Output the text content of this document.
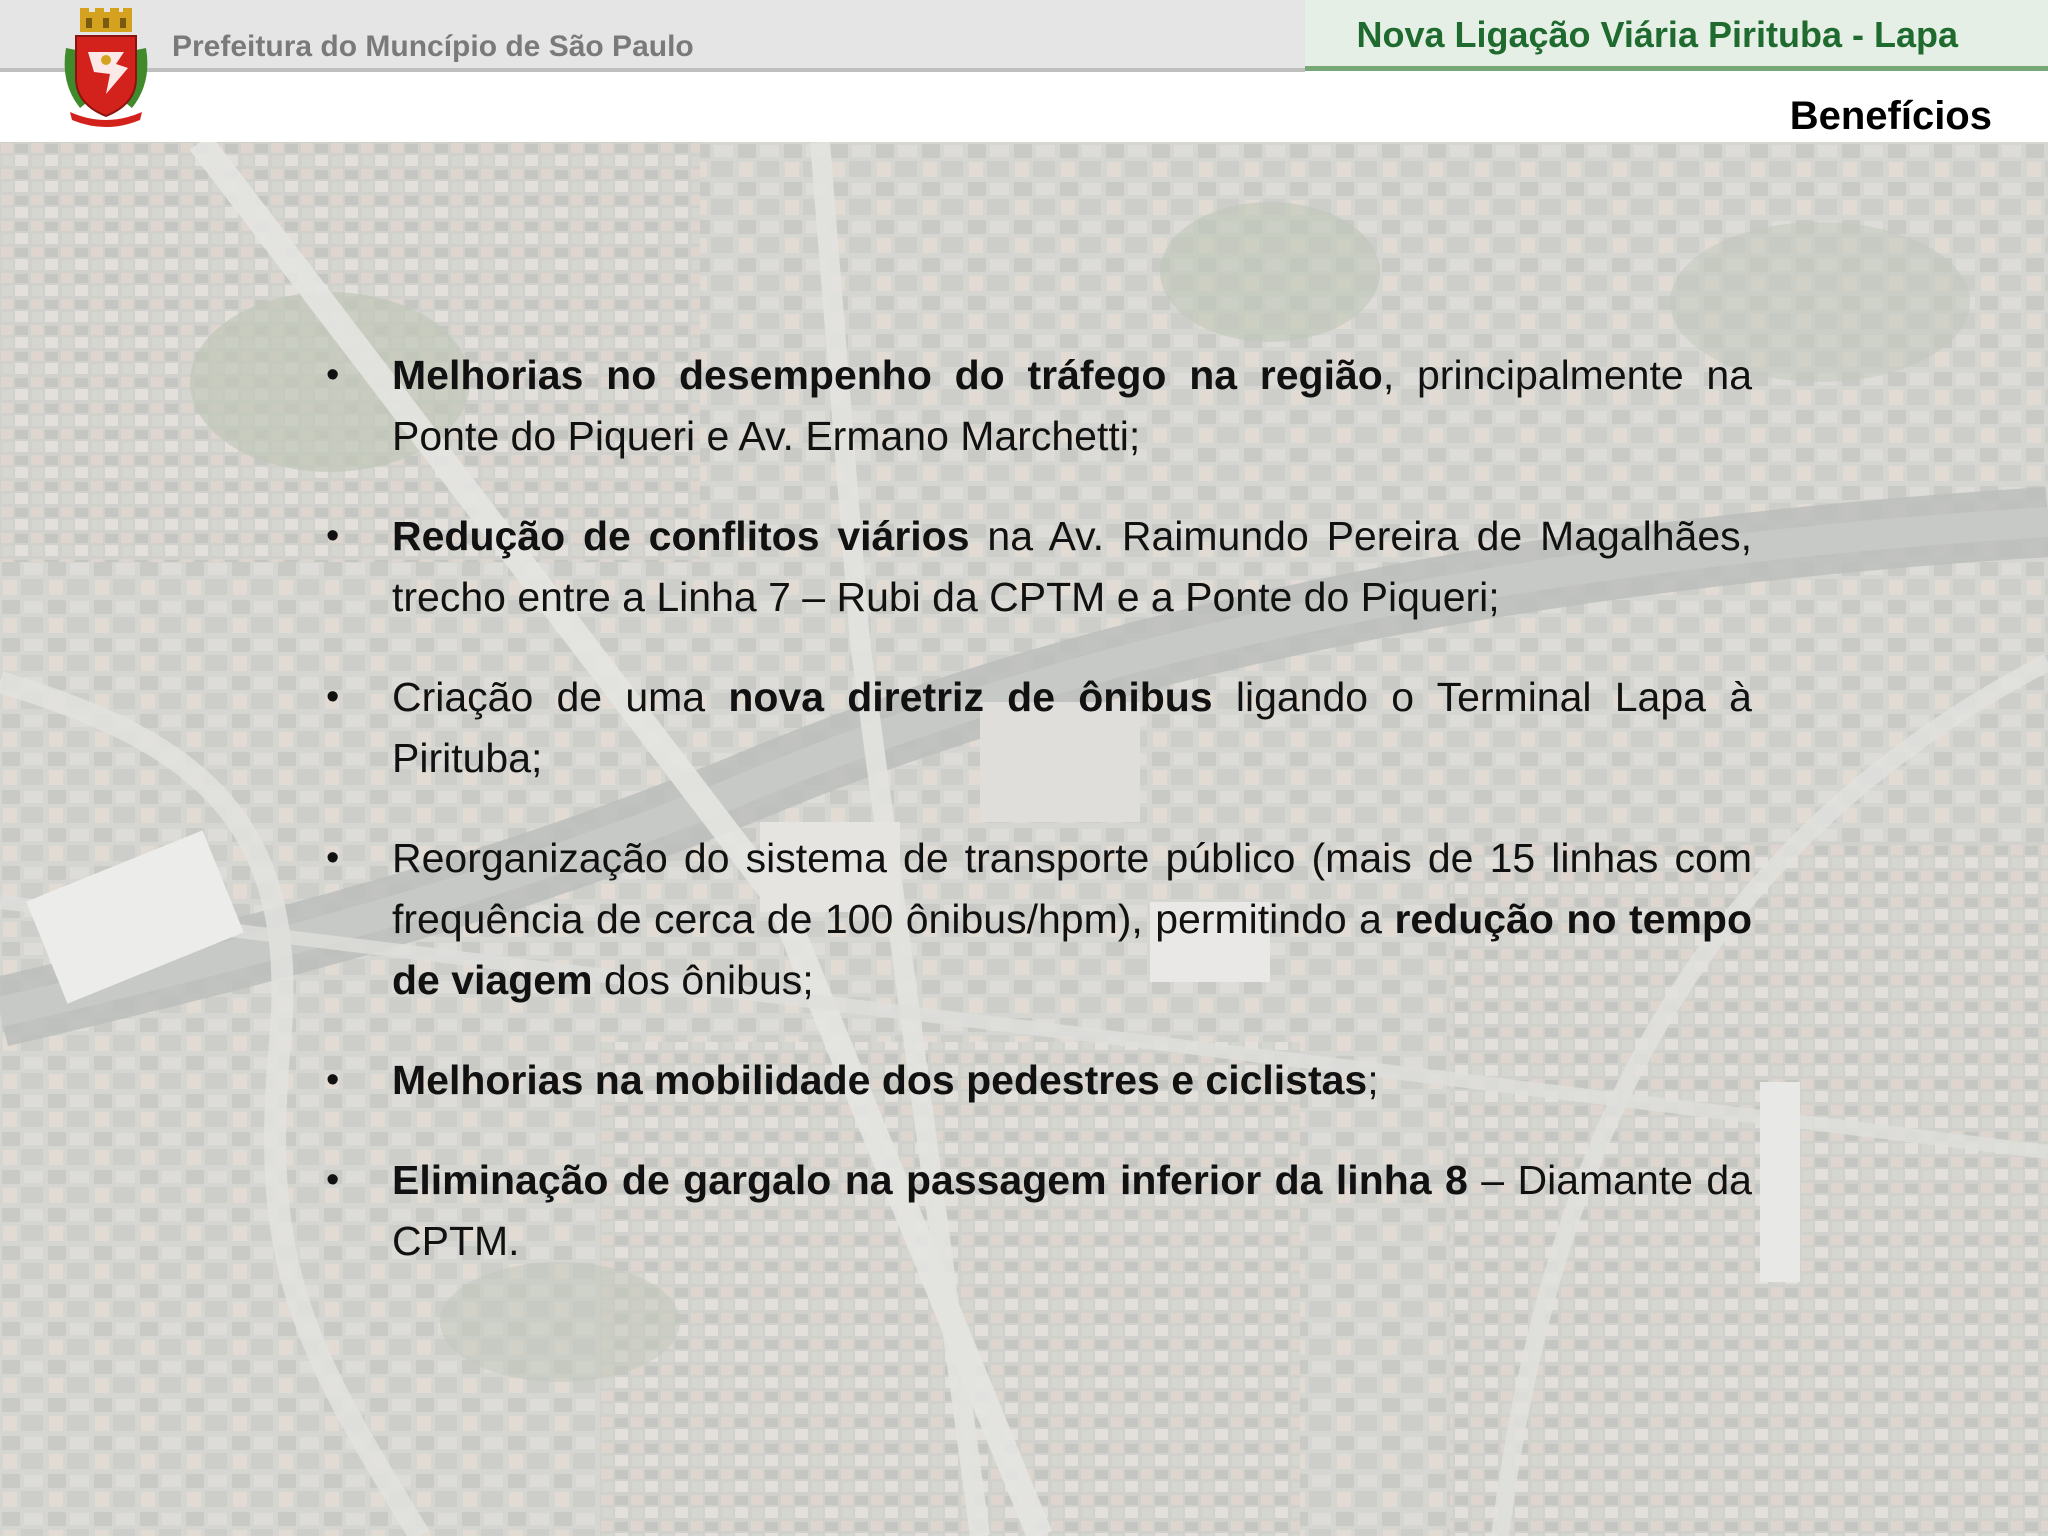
Prefeitura do Muncípio de São Paulo	Nova Ligação Viária Pirituba - Lapa
Benefícios
• Melhorias no desempenho do tráfego na região, principalmente na Ponte do Piqueri e Av. Ermano Marchetti;
• Redução de conflitos viários na Av. Raimundo Pereira de Magalhães, trecho entre a Linha 7 – Rubi da CPTM e a Ponte do Piqueri;
• Criação de uma nova diretriz de ônibus ligando o Terminal Lapa à Pirituba;
• Reorganização do sistema de transporte público (mais de 15 linhas com frequência de cerca de 100 ônibus/hpm), permitindo a redução no tempo de viagem dos ônibus;
• Melhorias na mobilidade dos pedestres e ciclistas;
• Eliminação de gargalo na passagem inferior da linha 8 – Diamante da CPTM.
